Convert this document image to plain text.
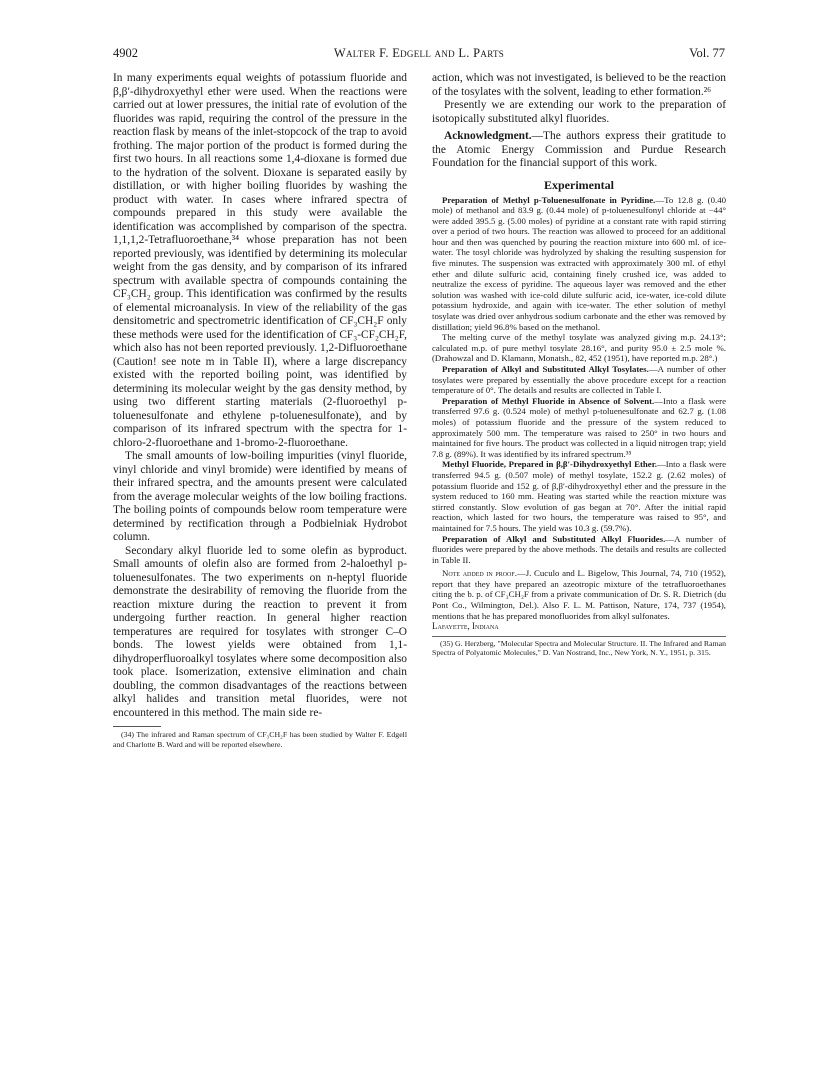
4902	Walter F. Edgell and L. Parts	Vol. 77

In many experiments equal weights of potassium fluoride and β,β′-dihydroxyethyl ether were used. When the reactions were carried out at lower pressures, the initial rate of evolution of the fluorides was rapid, requiring the control of the pressure in the reaction flask by means of the inlet-stopcock of the trap to avoid frothing. The major portion of the product is formed during the first two hours. In all reactions some 1,4-dioxane is formed due to the hydration of the solvent. Dioxane is separated easily by distillation, or with higher boiling fluorides by washing the product with water. In cases where infrared spectra of compounds prepared in this study were available the identification was accomplished by comparison of the spectra. 1,1,1,2-Tetrafluoroethane,³⁴ whose preparation has not been reported previously, was identified by determining its molecular weight from the gas density, and by comparison of its infrared spectrum with available spectra of compounds containing the CF₃CH₂ group. This identification was confirmed by the results of elemental microanalysis. In view of the reliability of the gas densitometric and spectrometric identification of CF₃CH₂F only these methods were used for the identification of CF₃-CF₂CH₂F, which also has not been reported previously. 1,2-Difluoroethane (Caution! see note m in Table II), where a large discrepancy existed with the reported boiling point, was identified by determining its molecular weight by the gas density method, by using two different starting materials (2-fluoroethyl p-toluenesulfonate and ethylene p-toluenesulfonate), and by comparison of its infrared spectrum with the spectra for 1-chloro-2-fluoroethane and 1-bromo-2-fluoroethane.

The small amounts of low-boiling impurities (vinyl fluoride, vinyl chloride and vinyl bromide) were identified by means of their infrared spectra, and the amounts present were calculated from the average molecular weights of the low boiling fractions. The boiling points of compounds below room temperature were determined by rectification through a Podbielniak Hydrobot column.

Secondary alkyl fluoride led to some olefin as byproduct. Small amounts of olefin also are formed from 2-haloethyl p-toluenesulfonates. The two experiments on n-heptyl fluoride demonstrate the desirability of removing the fluoride from the reaction mixture during the reaction to prevent it from undergoing further reaction. In general higher reaction temperatures are required for tosylates with stronger C–O bonds. The lowest yields were obtained from 1,1-dihydroperfluoroalkyl tosylates where some decomposition also took place. Isomerization, extensive elimination and chain doubling, the common disadvantages of the reactions between alkyl halides and transition metal fluorides, were not encountered in this method. The main side re-

(34) The infrared and Raman spectrum of CF₃CH₂F has been studied by Walter F. Edgell and Charlotte B. Ward and will be reported elsewhere.

action, which was not investigated, is believed to be the reaction of the tosylates with the solvent, leading to ether formation.²⁶

Presently we are extending our work to the preparation of isotopically substituted alkyl fluorides.

Acknowledgment.—The authors express their gratitude to the Atomic Energy Commission and Purdue Research Foundation for the financial support of this work.

Experimental

Preparation of Methyl p-Toluenesulfonate in Pyridine.—To 12.8 g. (0.40 mole) of methanol and 83.9 g. (0.44 mole) of p-toluenesulfonyl chloride at −44° were added 395.5 g. (5.00 moles) of pyridine at a constant rate with rapid stirring over a period of two hours. The reaction was allowed to proceed for an additional hour and then was quenched by pouring the reaction mixture into 600 ml. of ice-water. The tosyl chloride was hydrolyzed by shaking the resulting suspension for five minutes. The suspension was extracted with approximately 300 ml. of ethyl ether and dilute sulfuric acid, containing finely crushed ice, was added to neutralize the excess of pyridine. The aqueous layer was removed and the ether solution was washed with ice-cold dilute sulfuric acid, ice-water, ice-cold dilute potassium hydroxide, and again with ice-water. The ether solution of methyl tosylate was dried over anhydrous sodium carbonate and the ether was removed by distillation; yield 96.8% based on the methanol.

The melting curve of the methyl tosylate was analyzed giving m.p. 24.13°; calculated m.p. of pure methyl tosylate 28.16°, and purity 95.0 ± 2.5 mole %. (Drahowzal and D. Klamann, Monatsh., 82, 452 (1951), have reported m.p. 28°.)

Preparation of Alkyl and Substituted Alkyl Tosylates.—A number of other tosylates were prepared by essentially the above procedure except for a reaction temperature of 0°. The details and results are collected in Table I.

Preparation of Methyl Fluoride in Absence of Solvent.—Into a flask were transferred 97.6 g. (0.524 mole) of methyl p-toluenesulfonate and 62.7 g. (1.08 moles) of potassium fluoride and the pressure of the system reduced to approximately 500 mm. The temperature was raised to 250° in two hours and maintained for five hours. The product was collected in a liquid nitrogen trap; yield 7.8 g. (89%). It was identified by its infrared spectrum.³⁵

Methyl Fluoride, Prepared in β,β′-Dihydroxyethyl Ether.—Into a flask were transferred 94.5 g. (0.507 mole) of methyl tosylate, 152.2 g. (2.62 moles) of potassium fluoride and 152 g. of β,β′-dihydroxyethyl ether and the pressure in the system reduced to 160 mm. Heating was started while the reaction mixture was stirred constantly. Slow evolution of gas began at 70°. After the initial rapid reaction, which lasted for two hours, the temperature was raised to 95°, and maintained for 7.5 hours. The yield was 10.3 g. (59.7%).

Preparation of Alkyl and Substituted Alkyl Fluorides.—A number of fluorides were prepared by the above methods. The details and results are collected in Table II.

Note added in proof.—J. Cuculo and L. Bigelow, This Journal, 74, 710 (1952), report that they have prepared an azeotropic mixture of the tetrafluoroethanes citing the b. p. of CF₃CH₂F from a private communication of Dr. S. R. Dietrich (du Pont Co., Wilmington, Del.). Also F. L. M. Pattison, Nature, 174, 737 (1954), mentions that he has prepared monofluorides from alkyl sulfonates.

Lafayette, Indiana

(35) G. Herzberg, "Molecular Spectra and Molecular Structure. II. The Infrared and Raman Spectra of Polyatomic Molecules," D. Van Nostrand, Inc., New York, N. Y., 1951, p. 315.
